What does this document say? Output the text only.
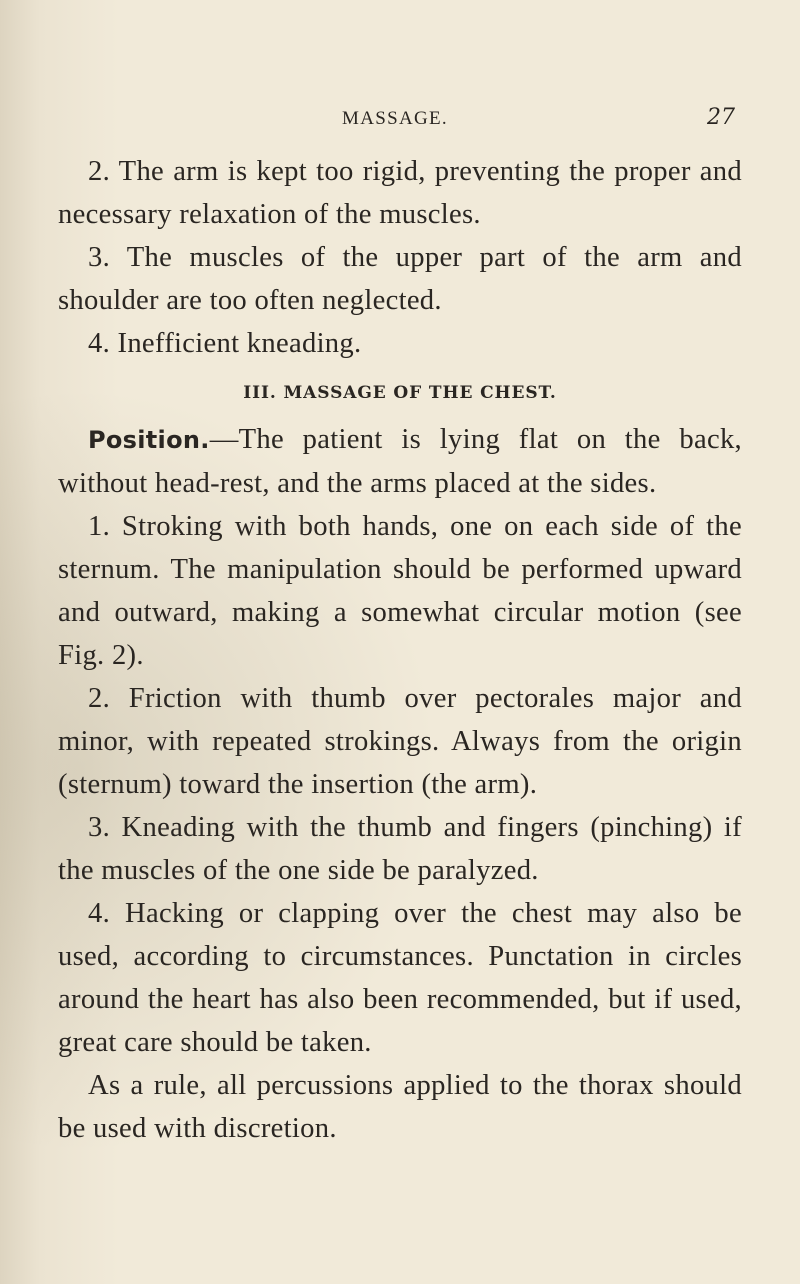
MASSAGE.	27

2. The arm is kept too rigid, preventing the proper and necessary relaxation of the muscles.

3. The muscles of the upper part of the arm and shoulder are too often neglected.

4. Inefficient kneading.

III. MASSAGE OF THE CHEST.

Position.—The patient is lying flat on the back, without head-rest, and the arms placed at the sides.

1. Stroking with both hands, one on each side of the sternum. The manipulation should be performed upward and outward, making a somewhat circular motion (see Fig. 2).

2. Friction with thumb over pectorales major and minor, with repeated strokings. Always from the origin (sternum) toward the insertion (the arm).

3. Kneading with the thumb and fingers (pinching) if the muscles of the one side be paralyzed.

4. Hacking or clapping over the chest may also be used, according to circumstances. Punctation in circles around the heart has also been recommended, but if used, great care should be taken.

As a rule, all percussions applied to the thorax should be used with discretion.
